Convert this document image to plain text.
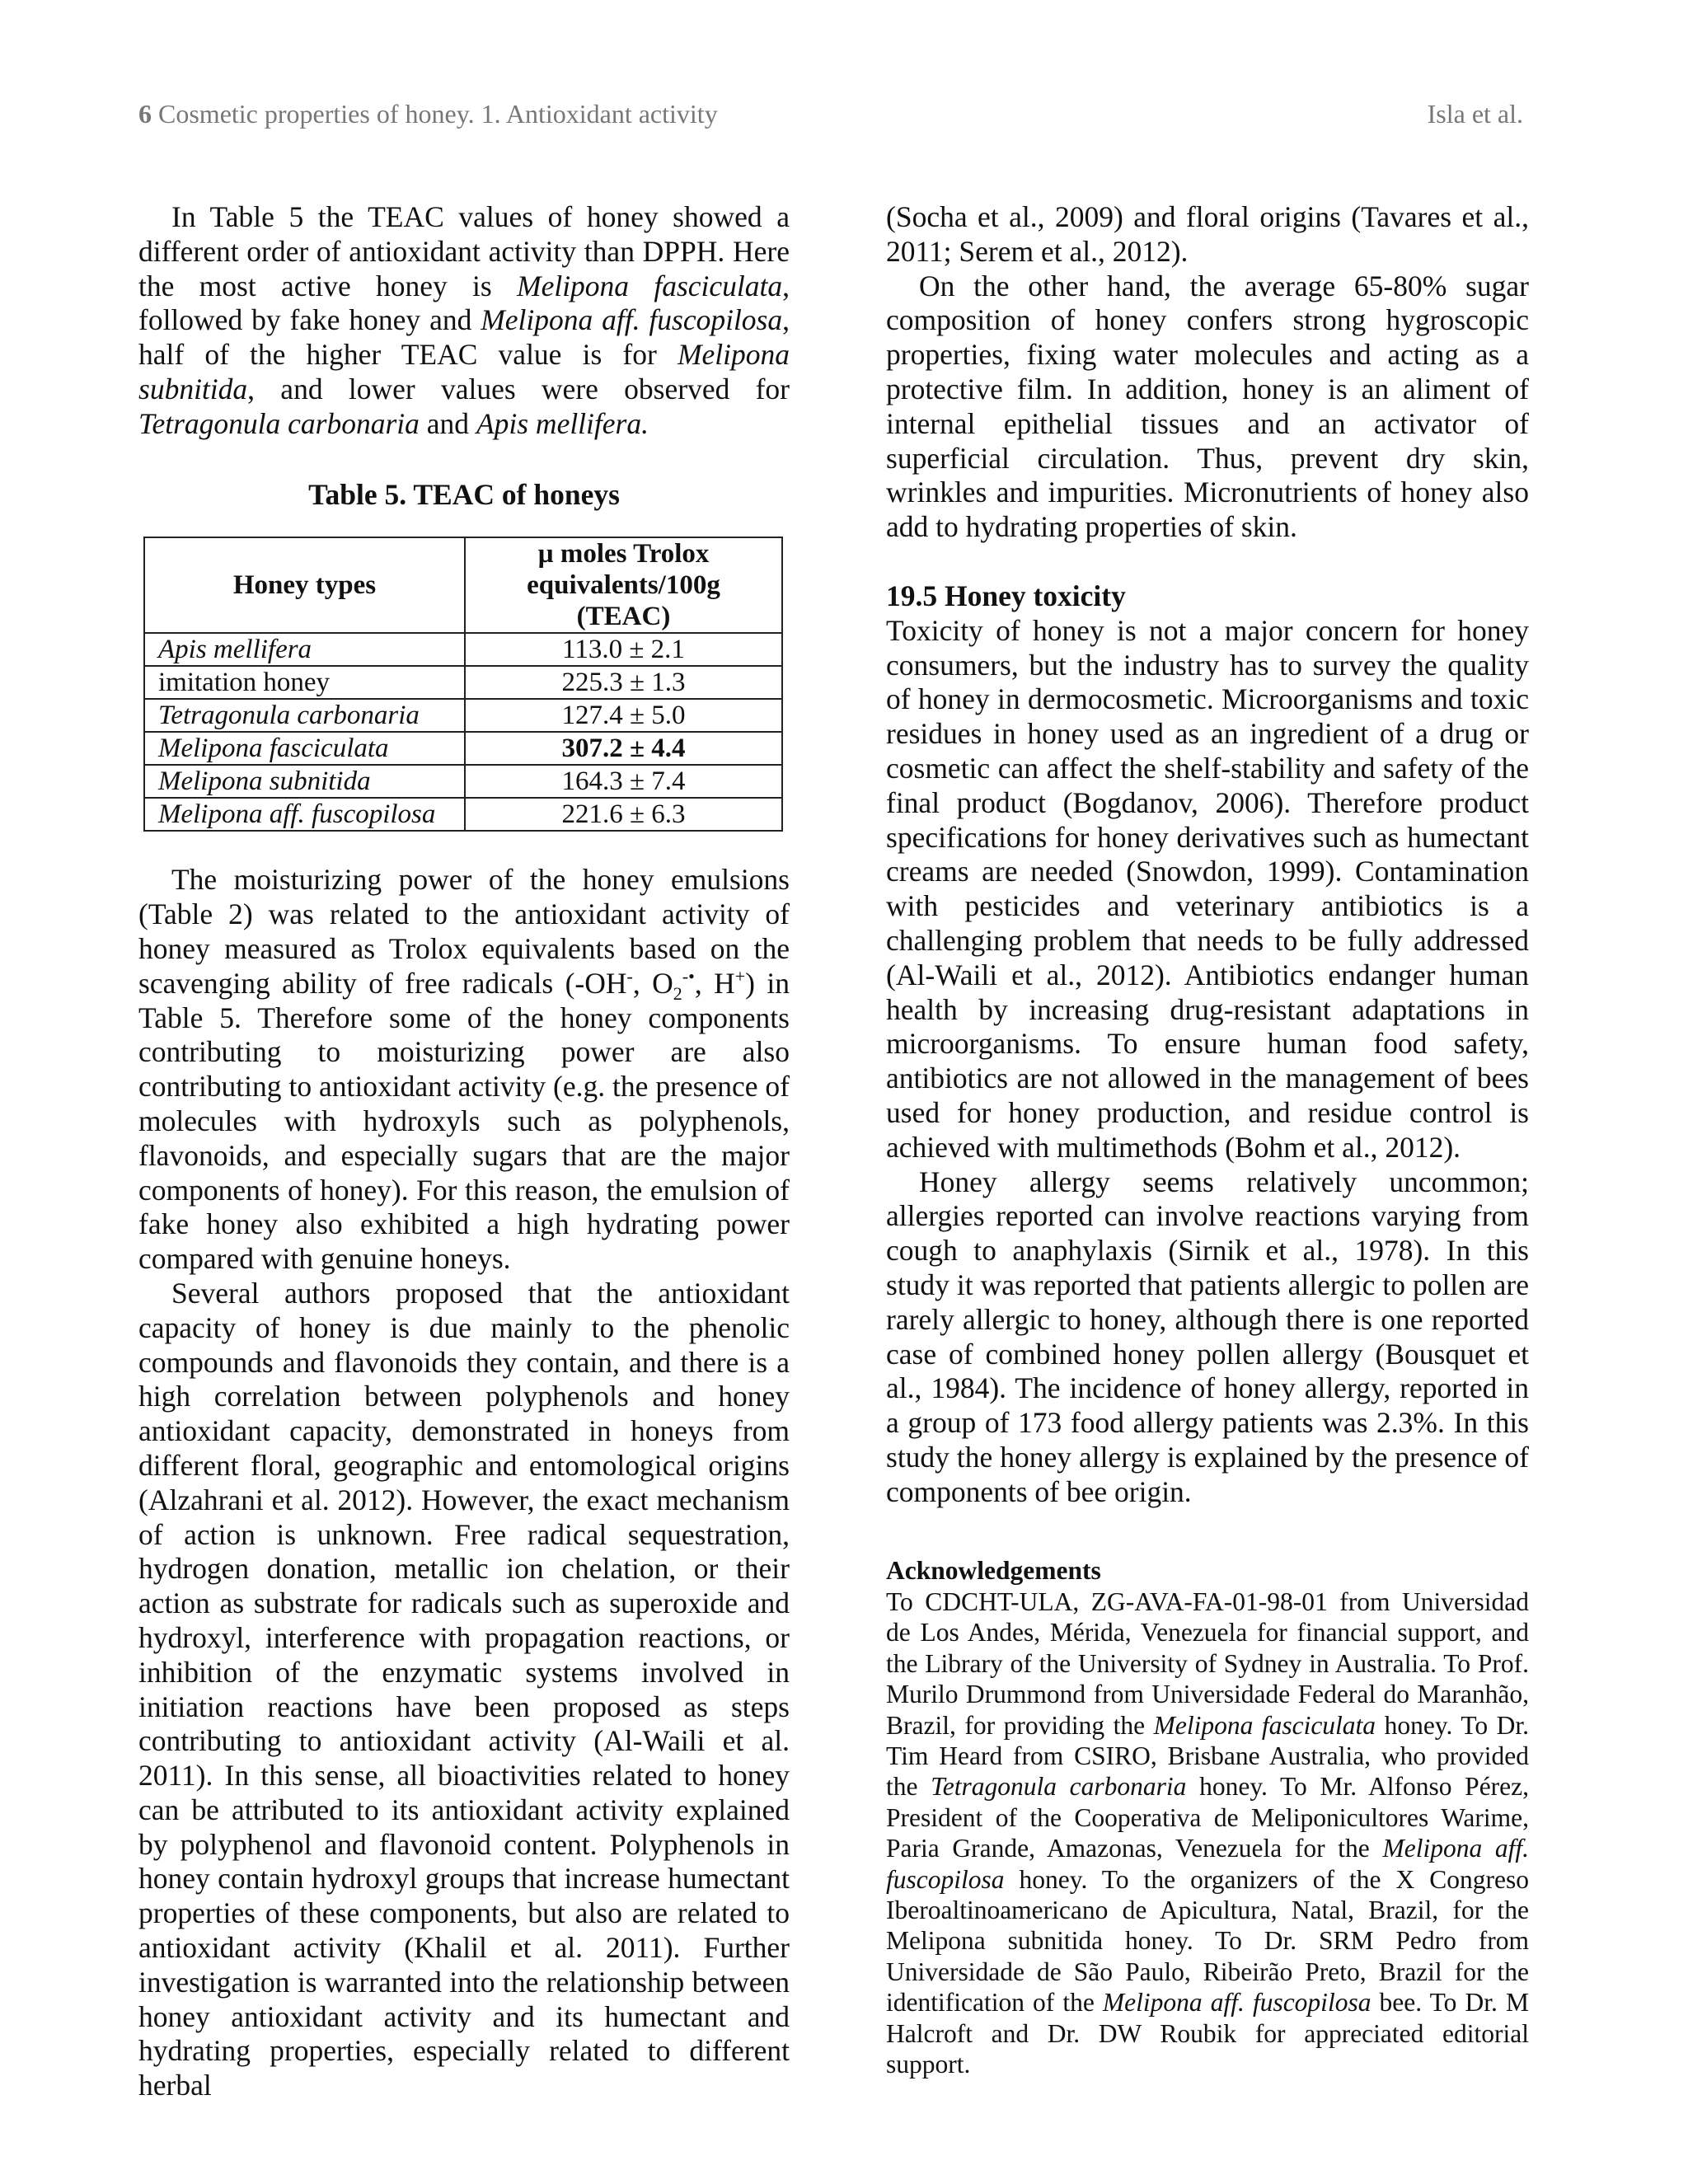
6 Cosmetic properties of honey. 1. Antioxidant activity	Isla et al.

In Table 5 the TEAC values of honey showed a different order of antioxidant activity than DPPH. Here the most active honey is Melipona fasciculata, followed by fake honey and Melipona aff. fuscopilosa, half of the higher TEAC value is for Melipona subnitida, and lower values were observed for Tetragonula carbonaria and Apis mellifera.

Table 5. TEAC of honeys
Honey types	µ moles Trolox
equivalents/100g
(TEAC)
Apis mellifera	113.0 ± 2.1
imitation honey	225.3 ± 1.3
Tetragonula carbonaria	127.4 ± 5.0
Melipona fasciculata	307.2 ± 4.4
Melipona subnitida	164.3 ± 7.4
Melipona aff. fuscopilosa	221.6 ± 6.3

The moisturizing power of the honey emulsions (Table 2) was related to the antioxidant activity of honey measured as Trolox equivalents based on the scavenging ability of free radicals (-OH-, $O_2^{-•}$, H+) in Table 5. Therefore some of the honey components contributing to moisturizing power are also contributing to antioxidant activity (e.g. the presence of molecules with hydroxyls such as polyphenols, flavonoids, and especially sugars that are the major components of honey). For this reason, the emulsion of fake honey also exhibited a high hydrating power compared with genuine honeys.

Several authors proposed that the antioxidant capacity of honey is due mainly to the phenolic compounds and flavonoids they contain, and there is a high correlation between polyphenols and honey antioxidant capacity, demonstrated in honeys from different floral, geographic and entomological origins (Alzahrani et al. 2012). However, the exact mechanism of action is unknown. Free radical sequestration, hydrogen donation, metallic ion chelation, or their action as substrate for radicals such as superoxide and hydroxyl, interference with propagation reactions, or inhibition of the enzymatic systems involved in initiation reactions have been proposed as steps contributing to antioxidant activity (Al-Waili et al. 2011). In this sense, all bioactivities related to honey can be attributed to its antioxidant activity explained by polyphenol and flavonoid content. Polyphenols in honey contain hydroxyl groups that increase humectant properties of these components, but also are related to antioxidant activity (Khalil et al. 2011). Further investigation is warranted into the relationship between honey antioxidant activity and its humectant and hydrating properties, especially related to different herbal

(Socha et al., 2009) and floral origins (Tavares et al., 2011; Serem et al., 2012).

On the other hand, the average 65-80% sugar composition of honey confers strong hygroscopic properties, fixing water molecules and acting as a protective film. In addition, honey is an aliment of internal epithelial tissues and an activator of superficial circulation. Thus, prevent dry skin, wrinkles and impurities. Micronutrients of honey also add to hydrating properties of skin.

19.5 Honey toxicity

Toxicity of honey is not a major concern for honey consumers, but the industry has to survey the quality of honey in dermocosmetic. Microorganisms and toxic residues in honey used as an ingredient of a drug or cosmetic can affect the shelf-stability and safety of the final product (Bogdanov, 2006). Therefore product specifications for honey derivatives such as humectant creams are needed (Snowdon, 1999). Contamination with pesticides and veterinary antibiotics is a challenging problem that needs to be fully addressed (Al-Waili et al., 2012). Antibiotics endanger human health by increasing drug-resistant adaptations in microorganisms. To ensure human food safety, antibiotics are not allowed in the management of bees used for honey production, and residue control is achieved with multimethods (Bohm et al., 2012).

Honey allergy seems relatively uncommon; allergies reported can involve reactions varying from cough to anaphylaxis (Sirnik et al., 1978). In this study it was reported that patients allergic to pollen are rarely allergic to honey, although there is one reported case of combined honey pollen allergy (Bousquet et al., 1984). The incidence of honey allergy, reported in a group of 173 food allergy patients was 2.3%. In this study the honey allergy is explained by the presence of components of bee origin.

Acknowledgements

To CDCHT-ULA, ZG-AVA-FA-01-98-01 from Universidad de Los Andes, Mérida, Venezuela for financial support, and the Library of the University of Sydney in Australia. To Prof. Murilo Drummond from Universidade Federal do Maranhão, Brazil, for providing the Melipona fasciculata honey. To Dr. Tim Heard from CSIRO, Brisbane Australia, who provided the Tetragonula carbonaria honey. To Mr. Alfonso Pérez, President of the Cooperativa de Meliponicultores Warime, Paria Grande, Amazonas, Venezuela for the Melipona aff. fuscopilosa honey. To the organizers of the X Congreso Iberoaltinoamericano de Apicultura, Natal, Brazil, for the Melipona subnitida honey. To Dr. SRM Pedro from Universidade de São Paulo, Ribeirão Preto, Brazil for the identification of the Melipona aff. fuscopilosa bee. To Dr. M Halcroft and Dr. DW Roubik for appreciated editorial support.
